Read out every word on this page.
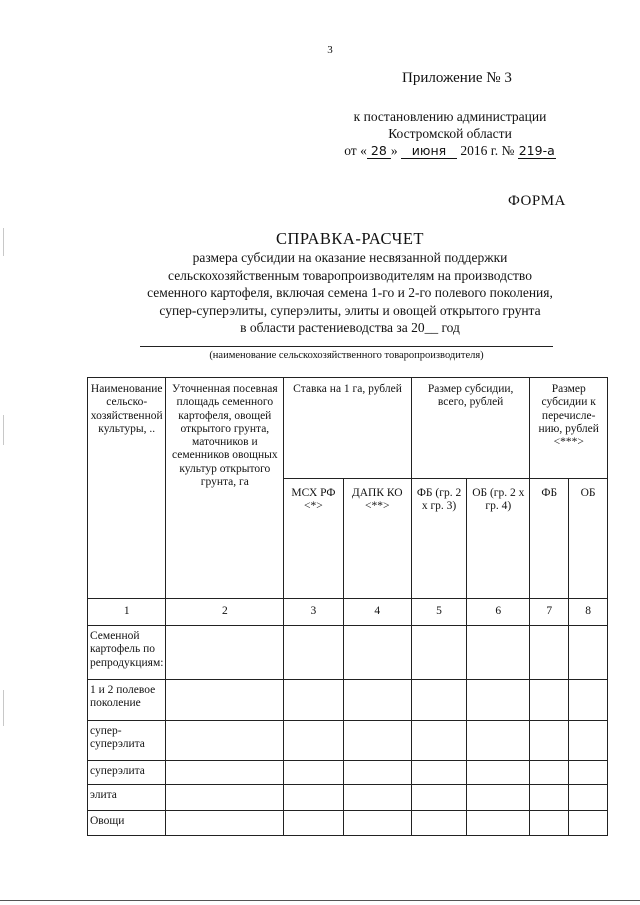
3
Приложение № 3
к постановлению администрации
Костромской области
от « 28 » июня 2016 г. № 219-а
ФОРМА
СПРАВКА-РАСЧЕТ
размера субсидии на оказание несвязанной поддержки
сельскохозяйственным товаропроизводителям на производство
семенного картофеля, включая семена 1-го и 2-го полевого поколения,
супер-суперэлиты, суперэлиты, элиты и овощей открытого грунта
в области растениеводства за 20__ год
(наименование сельскохозяйственного товаропроизводителя)
Наименование сельско-хозяйственной культуры, ..	Уточненная посевная площадь семенного картофеля, овощей открытого грунта, маточников и семенников овощных культур открытого грунта, га	Ставка на 1 га, рублей		Размер субсидии, всего, рублей		Размер субсидии к перечисле-нию, рублей <***>	
		МСХ РФ <*>	ДАПК КО <**>	ФБ (гр. 2 х гр. 3)	ОБ (гр. 2 х гр. 4)	ФБ	ОБ
1	2	3	4	5	6	7	8
Семенной картофель по репродукциям:							
1 и 2 полевое поколение							
супер-суперэлита							
суперэлита							
элита							
Овощи							
